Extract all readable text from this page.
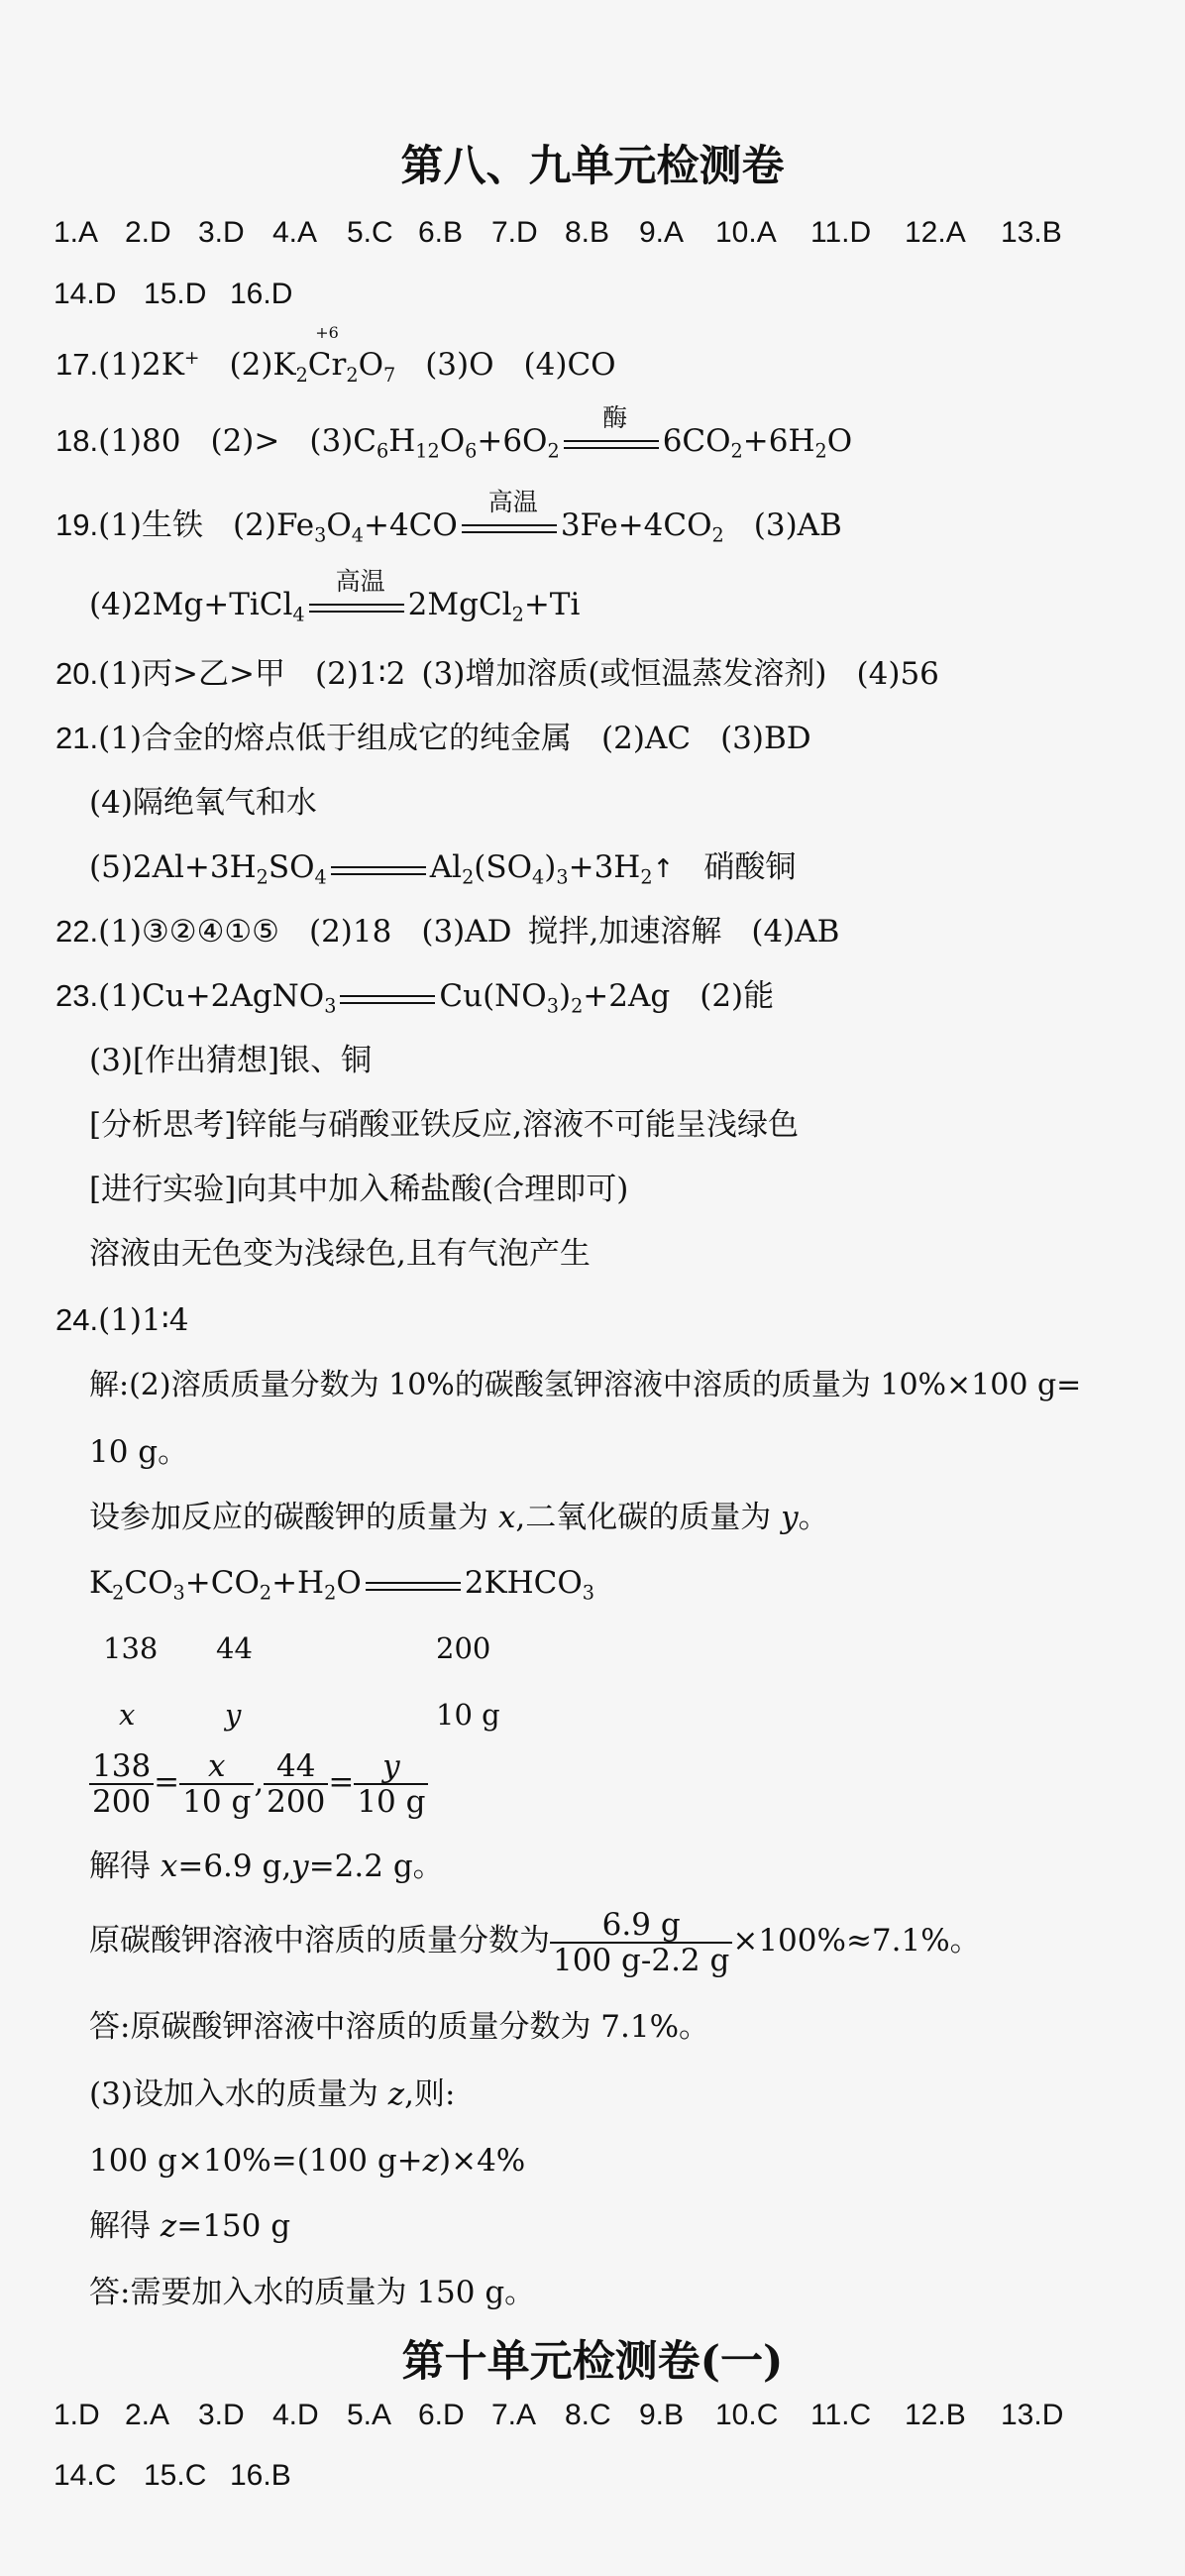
第八、九单元检测卷
1.A 2.D 3.D 4.A 5.C 6.B 7.D 8.B 9.A 10.A 11.D 12.A 13.B
14.D 15.D 16.D
17.(1)2K+ $(2)K_2$
+6
$Cr_2O_7$ (3)O (4)CO
18.(1)80 $(2)> (3)C_6H_{12}O_6+6O_2$
酶
$6CO_2+6H_2O$
19.(1)生铁 $(2)Fe_3O_4+4CO$
高温
$3Fe+4CO_2$ (3)AB
(4)2Mg+TiCl$_4$
高温
2MgCl$_2$+Ti
20.(1)丙>乙>甲 (2)1∶2 (3)增加溶质(或恒温蒸发溶剂) (4)56
21.(1)合金的熔点低于组成它的纯金属 (2)AC (3)BD
(4)隔绝氧气和水
$(5)2Al+3H_2SO_4$	$Al_2(SO_4)_3+3H_2↑$ 硝酸铜
22.(1)③②④①⑤ (2)18 (3)AD 搅拌,加速溶解 (4)AB
23.(1)Cu+2AgNO$_3$	$Cu(NO_3)_2+2Ag$ (2)能
(3)[作出猜想]银、铜
[分析思考]锌能与硝酸亚铁反应,溶液不可能呈浅绿色
[进行实验]向其中加入稀盐酸(合理即可)
溶液由无色变为浅绿色,且有气泡产生
24.(1)1∶4
解:(2)溶质质量分数为 10%的碳酸氢钾溶液中溶质的质量为 10%×100 g=
10 g。
设参加反应的碳酸钾的质量为 x,二氧化碳的质量为 y。
$K_2CO_3+CO_2+H_2O$	$2KHCO_3$
138 44	200
x	y	10 g
$\frac{138}{200} = \frac{x}{10 g}$ , $\frac{44}{200} = \frac{y}{10 g}$
解得 x=6.9 g,y=2.2 g。
原碳酸钾溶液中溶质的质量分数为 $\frac{6.9 g}{100 g-2.2 g} \times 100\%\approx 7.1\%$。
答:原碳酸钾溶液中溶质的质量分数为 7.1%。
(3)设加入水的质量为 z,则:
100 g×10%=(100 g+z)×4%
解得 z=150 g
答:需要加入水的质量为 150 g。
第十单元检测卷(一)
1.D 2.A 3.D 4.D 5.A 6.D 7.A 8.C 9.B 10.C 11.C 12.B 13.D
14.C 15.C 16.B
